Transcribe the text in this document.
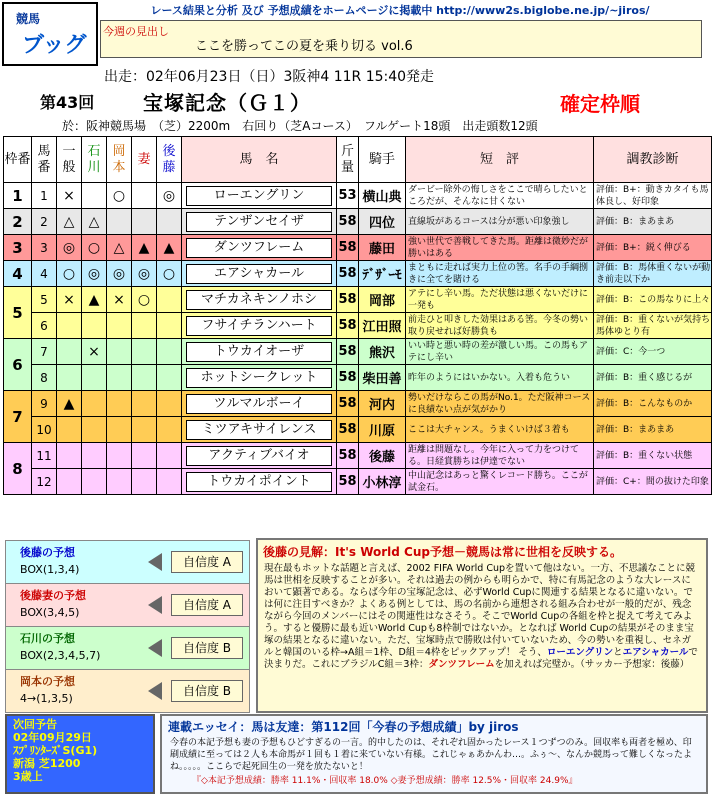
競馬
ブッグ
レース結果と分析 及び 予想成績をホームページに掲載中 http://www2s.biglobe.ne.jp/~jiros/
今週の見出し
ここを勝ってこの夏を乗り切る vol.6
出走：02年06月23日（日）3阪神4 11R 15:40発走
第43回 宝塚記念（Ｇ１）	確定枠順
於：阪神競馬場　（芝）2200m　右回り（芝Aコース）　フルゲート18頭　出走頭数12頭
枠番	馬番	一般	石川	岡本	妻	後藤	馬　名	斤量	騎手	短　評	調教診断
1	1	×		○		◎	ローエングリン	53	横山典	ダービー除外の悔しさをここで晴らしたいところだが、そんなに甘くない	評価：B+：動きカタイも馬体良し、好印象
2	2	△	△				テンザンセイザ	58	四位	直線坂があるコースは分が悪い印象強し	評価：B：まあまあ
3	3	◎	○	△	▲	▲	ダンツフレーム	58	藤田	強い世代で善戦してきた馬。距離は微妙だが勝いはある	評価：B+：鋭く伸びる
4	4	○	◎	◎	◎	○	エアシャカール	58	ﾃﾞｻﾞｰﾓ	まともに走れば実力上位の筈。名手の手綱捌きに全てを賭ける	評価：B：馬体重くないが動き前走以下か
5	5	×	▲	×	○		マチカネキンノホシ	58	岡部	アテにし辛い馬。ただ状態は悪くないだけに一発も	評価：B：この馬なりに上々
	6						フサイチランハート	58	江田照	前走ひと叩きした効果はある筈。今冬の勢い取り戻せれば好勝負も	評価：B：重くないが気持ち馬体ゆとり有
6	7		×				トウカイオーザ	58	熊沢	いい時と悪い時の差が激しい馬。この馬もアテにし辛い	評価：C：今一つ
	8						ホットシークレット	58	柴田善	昨年のようにはいかない。入着も危うい	評価：B：重く感じるが
7	9	▲					ツルマルボーイ	58	河内	勢いだけならこの馬がNo.1。ただ阪神コースに良績ない点が気がかり	評価：B：こんなものか
	10						ミツアキサイレンス	58	川原	ここは大チャンス。うまくいけば３着も	評価：B：まあまあ
8	11						アクティブバイオ	58	後藤	距離は問題なし。今年に入って力をつけてる。日経賞勝ちは伊達でない	評価：B：重くない状態
	12						トウカイポイント	58	小林淳	中山記念はあっと驚くレコード勝ち。ここが試金石。	評価：C+：間の抜けた印象
後藤の予想
BOX(1,3,4)
自信度 A
後藤妻の予想
BOX(3,4,5)
自信度 A
石川の予想
BOX(2,3,4,5,7)
自信度 B
岡本の予想
4→(1,3,5)
自信度 B
後藤の見解：It's World Cup予想－競馬は常に世相を反映する。
現在最もホットな話題と言えば、2002 FIFA World Cupを置いて他はない。一方、不思議なことに競馬は世相を反映することが多い。それは過去の例からも明らかで、特に有馬記念のような大レースにおいて顕著である。ならば今年の宝塚記念は、必ずWorld Cupに関連する結果となるに違いない。では何に注目すべきか？よくある例としては、馬の名前から連想される組み合わせが一般的だが、残念ながら今回のメンバーにはその関連性はなさそう。そこでWorld Cupの各組を枠と捉えて考えてみよう。すると優勝に最も近いWorld Cupも8枠制ではないか。となれば World Cupの結果がそのまま宝塚の結果となるに違いない。ただ、宝塚時点で勝敗は付いていないため、今の勢いを重視し、セネガルと韓国のいる枠→A組＝1枠、D組＝4枠をピックアップ！ そう、ローエングリンとエアシャカールで決まりだ。これにブラジルC組＝3枠：ダンツフレームを加えれば完璧か。（サッカー予想家：後藤）
次回予告
02年09月29日
ｽﾌﾟﾘﾝﾀｰｽﾞS(G1)
新潟 芝1200
3歳上
連載エッセイ：馬は友達：第112回「今春の予想成績」by jiros
今春の本記予想も妻の予想もひどすぎるの一言。的中したのは、それぞれ固かったレース１つずつのみ。回収率も両者を極め、印刷成績に至っては２人も本命馬が１回も１着に来ていない有様。これじゃぁあかんわ…。ふぅ〜、なんか競馬って難しくなったよね。。。。。ここらで起死回生の一発を放たないと！
『◇本記予想成績：勝率 11.1%・回収率 18.0% ◇妻予想成績：勝率 12.5%・回収率 24.9%』
